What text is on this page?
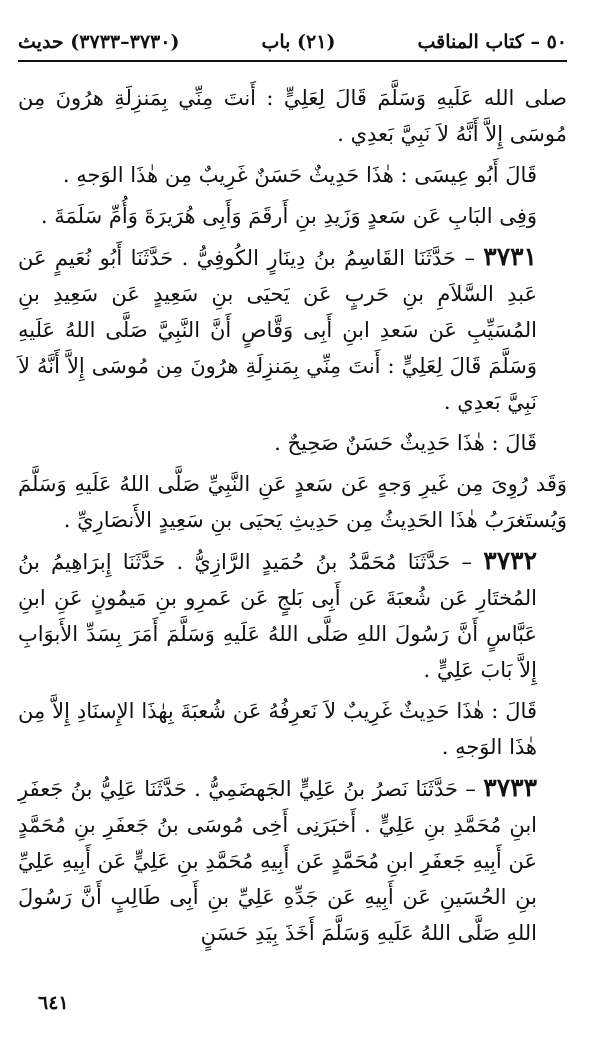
٥٠ – كتاب المناقب
(٢١) باب
(٣٧٣٠–٣٧٣٣) حديث

صلى الله عَلَيهِ وَسَلَّمَ قَالَ لِعَلِيٍّ : أَنتَ مِنِّي بِمَنزِلَةِ هرُونَ مِن مُوسَى إِلاَّ أَنَّهُ لاَ نَبِيَّ بَعدِي .

قَالَ أَبُو عِيسَى : هٰذَا حَدِيثٌ حَسَنٌ غَرِيبٌ مِن هٰذَا الوَجهِ .

وَفِى البَابِ عَن سَعدٍ وَزَيدِ بنِ أَرقَمَ وَأَبِى هُرَيرَةَ وَأُمِّ سَلَمَةَ .

٣٧٣١ – حَدَّثَنَا القَاسِمُ بنُ دِينَارٍ الكُوفِيُّ . حَدَّثَنَا أَبُو نُعَيمٍ عَن عَبدِ السَّلاَمِ بنِ حَربٍ عَن يَحيَى بنِ سَعِيدٍ عَن سَعِيدِ بنِ المُسَيِّبِ عَن سَعدِ ابنِ أَبِى وَقَّاصٍ أَنَّ النَّبِيَّ صَلَّى اللهُ عَلَيهِ وَسَلَّمَ قَالَ لِعَلِيٍّ : أَنتَ مِنِّي بِمَنزِلَةِ هرُونَ مِن مُوسَى إِلاَّ أَنَّهُ لاَ نَبِيَّ بَعدِي .

قَالَ : هٰذَا حَدِيثٌ حَسَنٌ صَحِيحٌ .

وَقَد رُوِىَ مِن غَيرِ وَجهٍ عَن سَعدٍ عَنِ النَّبِيِّ صَلَّى اللهُ عَلَيهِ وَسَلَّمَ وَيُستَغرَبُ هٰذَا الحَدِيثُ مِن حَدِيثِ يَحيَى بنِ سَعِيدٍ الأَنصَارِيِّ .

٣٧٣٢ – حَدَّثَنَا مُحَمَّدُ بنُ حُمَيدٍ الرَّازِيُّ . حَدَّثَنَا إِبرَاهِيمُ بنُ المُختَارِ عَن شُعبَةَ عَن أَبِى بَلجٍ عَن عَمرِو بنِ مَيمُونٍ عَنِ ابنِ عَبَّاسٍ أَنَّ رَسُولَ اللهِ صَلَّى اللهُ عَلَيهِ وَسَلَّمَ أَمَرَ بِسَدِّ الأَبوَابِ إِلاَّ بَابَ عَلِيٍّ .

قَالَ : هٰذَا حَدِيثٌ غَرِيبٌ لاَ نَعرِفُهُ عَن شُعبَةَ بِهٰذَا الإِسنَادِ إِلاَّ مِن هٰذَا الوَجهِ .

٣٧٣٣ – حَدَّثَنَا نَصرُ بنُ عَلِيٍّ الجَهضَمِيُّ . حَدَّثَنَا عَلِيُّ بنُ جَعفَرِ ابنِ مُحَمَّدِ بنِ عَلِيٍّ . أَخبَرَنِى أَخِى مُوسَى بنُ جَعفَرِ بنِ مُحَمَّدٍ عَن أَبِيهِ جَعفَرِ ابنِ مُحَمَّدٍ عَن أَبِيهِ مُحَمَّدِ بنِ عَلِيٍّ عَن أَبِيهِ عَلِيِّ بنِ الحُسَينِ عَن أَبِيهِ عَن جَدِّهِ عَلِيِّ بنِ أَبِى طَالِبٍ أَنَّ رَسُولَ اللهِ صَلَّى اللهُ عَلَيهِ وَسَلَّمَ أَخَذَ بِيَدِ حَسَنٍ

٦٤١
